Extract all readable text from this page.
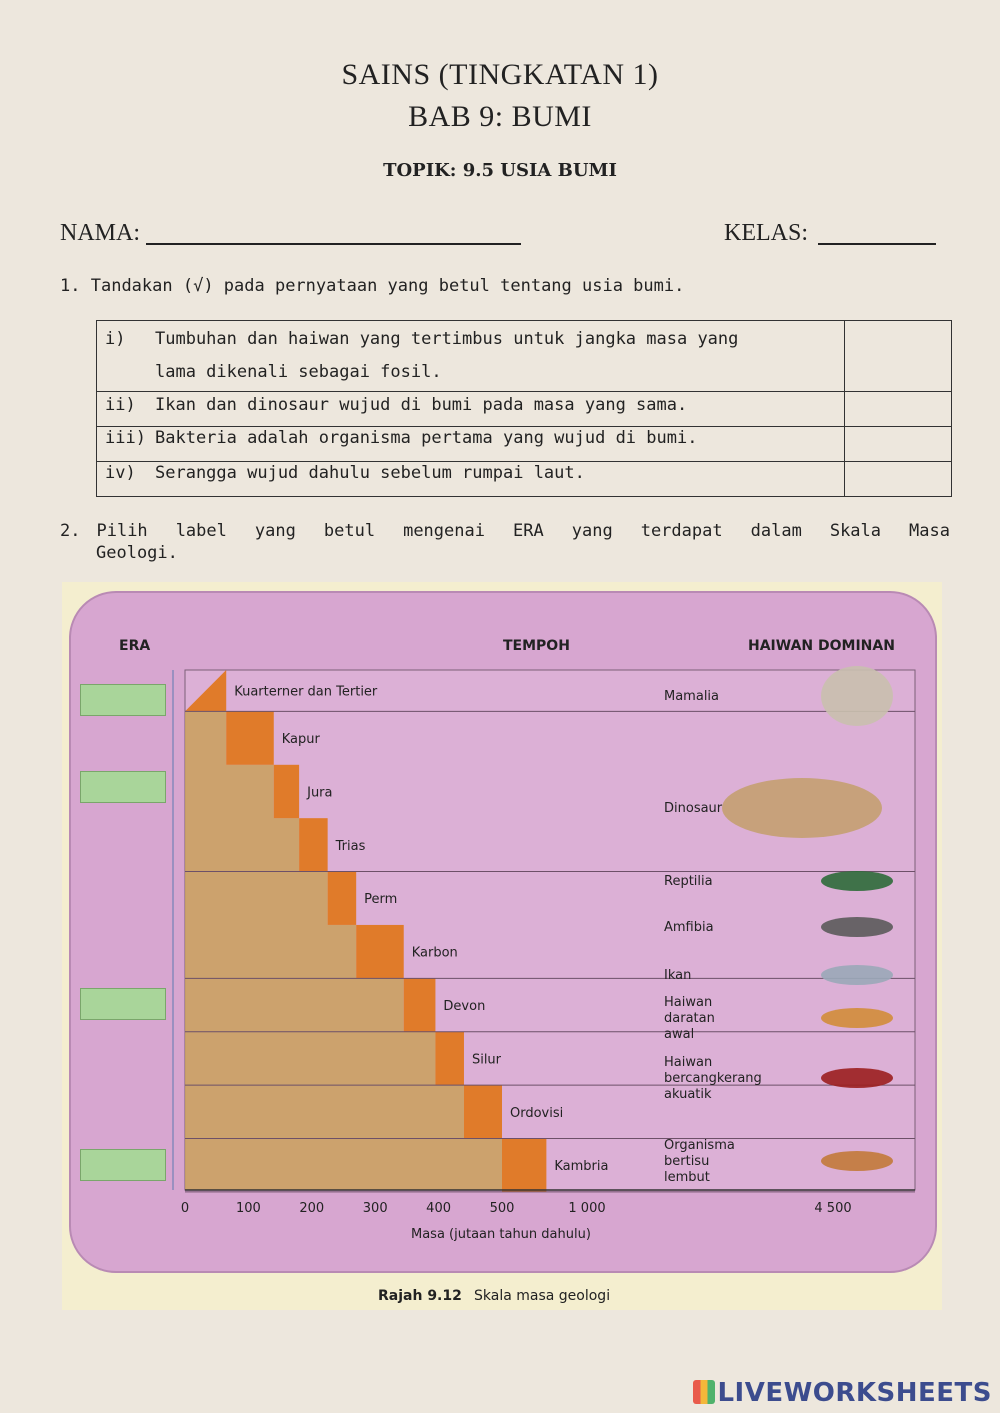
SAINS (TINGKATAN 1)
BAB 9: BUMI
TOPIK: 9.5 USIA BUMI
NAMA:	KELAS:
1. Tandakan (√) pada pernyataan yang betul tentang usia bumi.
i) Tumbuhan dan haiwan yang tertimbus untuk jangka masa yang
lama dikenali sebagai fosil.	

ii) Ikan dan dinosaur wujud di bumi pada masa yang sama.	
iii) Bakteria adalah organisma pertama yang wujud di bumi.	
iv) Serangga wujud dahulu sebelum rumpai laut.	
2. Pilih label yang betul mengenai ERA yang terdapat dalam Skala Masa
Geologi.
Kuarterner dan Tertier
Kapur
Jura
Trias
Perm
Karbon
Devon
Silur
Ordovisi
Kambria
0	100	200	300	400	500	1 000	4 500
Mamalia
Dinosaur
Reptilia
Amfibia
Ikan
Haiwan
daratan
awal
Haiwan
bercangkerang
akuatik
Organisma
bertisu
lembut
ERA	TEMPOH	HAIWAN DOMINAN
Masa (jutaan tahun dahulu)
Rajah 9.12 Skala masa geologi
LIVEWORKSHEETS
